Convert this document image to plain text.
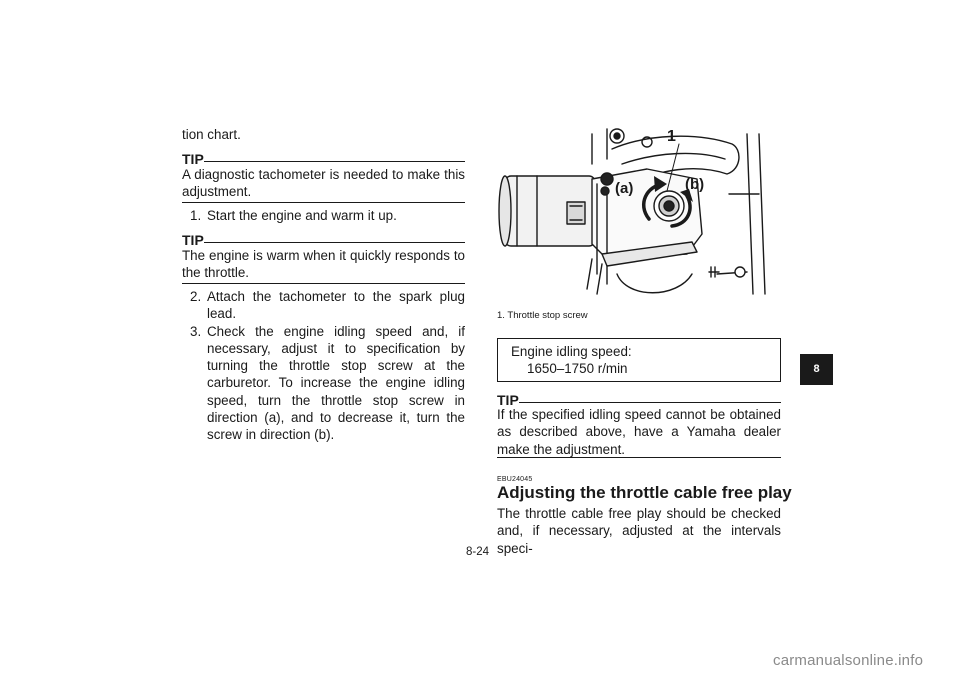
tion chart.
TIP
A diagnostic tachometer is needed to make this adjustment.
1. Start the engine and warm it up.
TIP
The engine is warm when it quickly responds to the throttle.
2. Attach the tachometer to the spark plug lead.
3. Check the engine idling speed and, if necessary, adjust it to specification by turning the throttle stop screw at the carburetor. To increase the engine idling speed, turn the throttle stop screw in direction (a), and to decrease it, turn the screw in direction (b).
1
(a)	(b)
1. Throttle stop screw
Engine idling speed:
1650–1750 r/min
TIP
If the specified idling speed cannot be obtained as described above, have a Yamaha dealer make the adjustment.
EBU24045
Adjusting the throttle cable free play
The throttle cable free play should be checked and, if necessary, adjusted at the intervals speci-
8
8-24
carmanualsonline.info
